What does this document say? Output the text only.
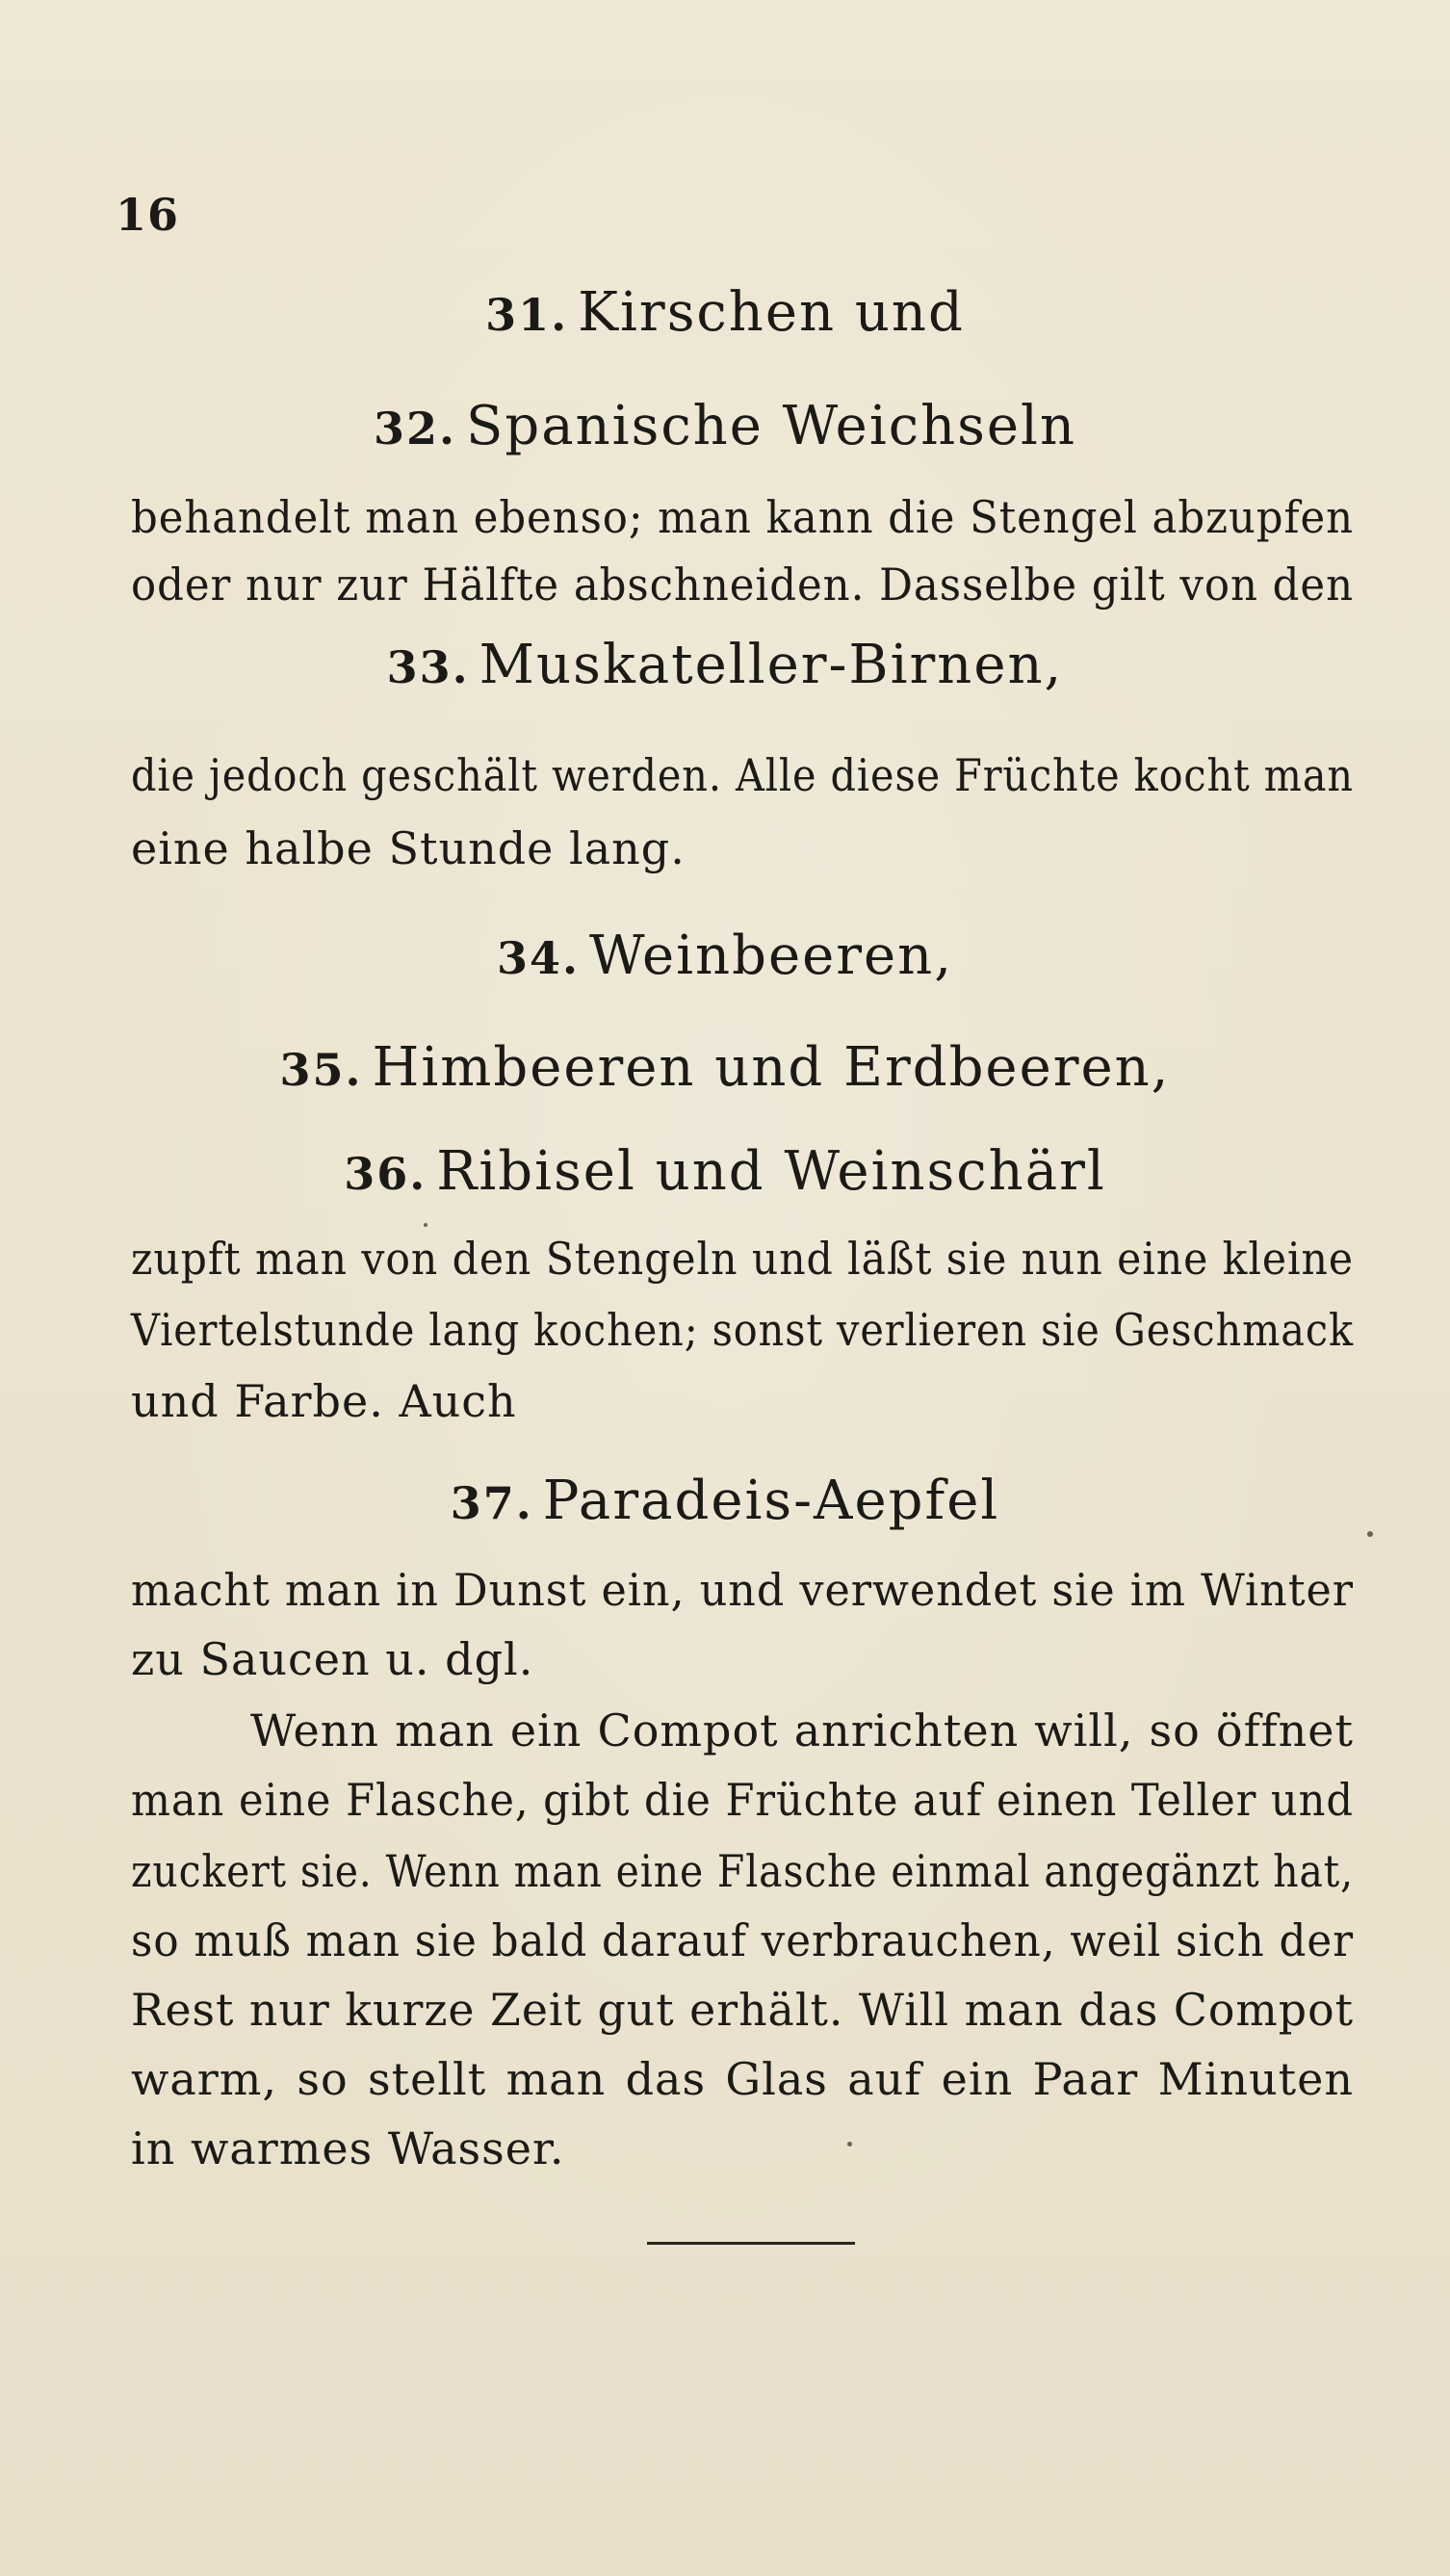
16
31. Kirschen und
32. Spanische Weichseln
behandelt man ebenso; man kann die Stengel abzupfen
oder nur zur Hälfte abschneiden. Dasselbe gilt von den
33. Muskateller-Birnen,
die jedoch geschält werden. Alle diese Früchte kocht man
eine halbe Stunde lang.
34. Weinbeeren,
35. Himbeeren und Erdbeeren,
36. Ribisel und Weinschärl
zupft man von den Stengeln und läßt sie nun eine kleine
Viertelstunde lang kochen; sonst verlieren sie Geschmack
und Farbe. Auch
37. Paradeis-Aepfel
macht man in Dunst ein, und verwendet sie im Winter
zu Saucen u. dgl.
Wenn man ein Compot anrichten will, so öffnet
man eine Flasche, gibt die Früchte auf einen Teller und
zuckert sie. Wenn man eine Flasche einmal angegänzt hat,
so muß man sie bald darauf verbrauchen, weil sich der
Rest nur kurze Zeit gut erhält. Will man das Compot
warm, so stellt man das Glas auf ein Paar Minuten
in warmes Wasser.
